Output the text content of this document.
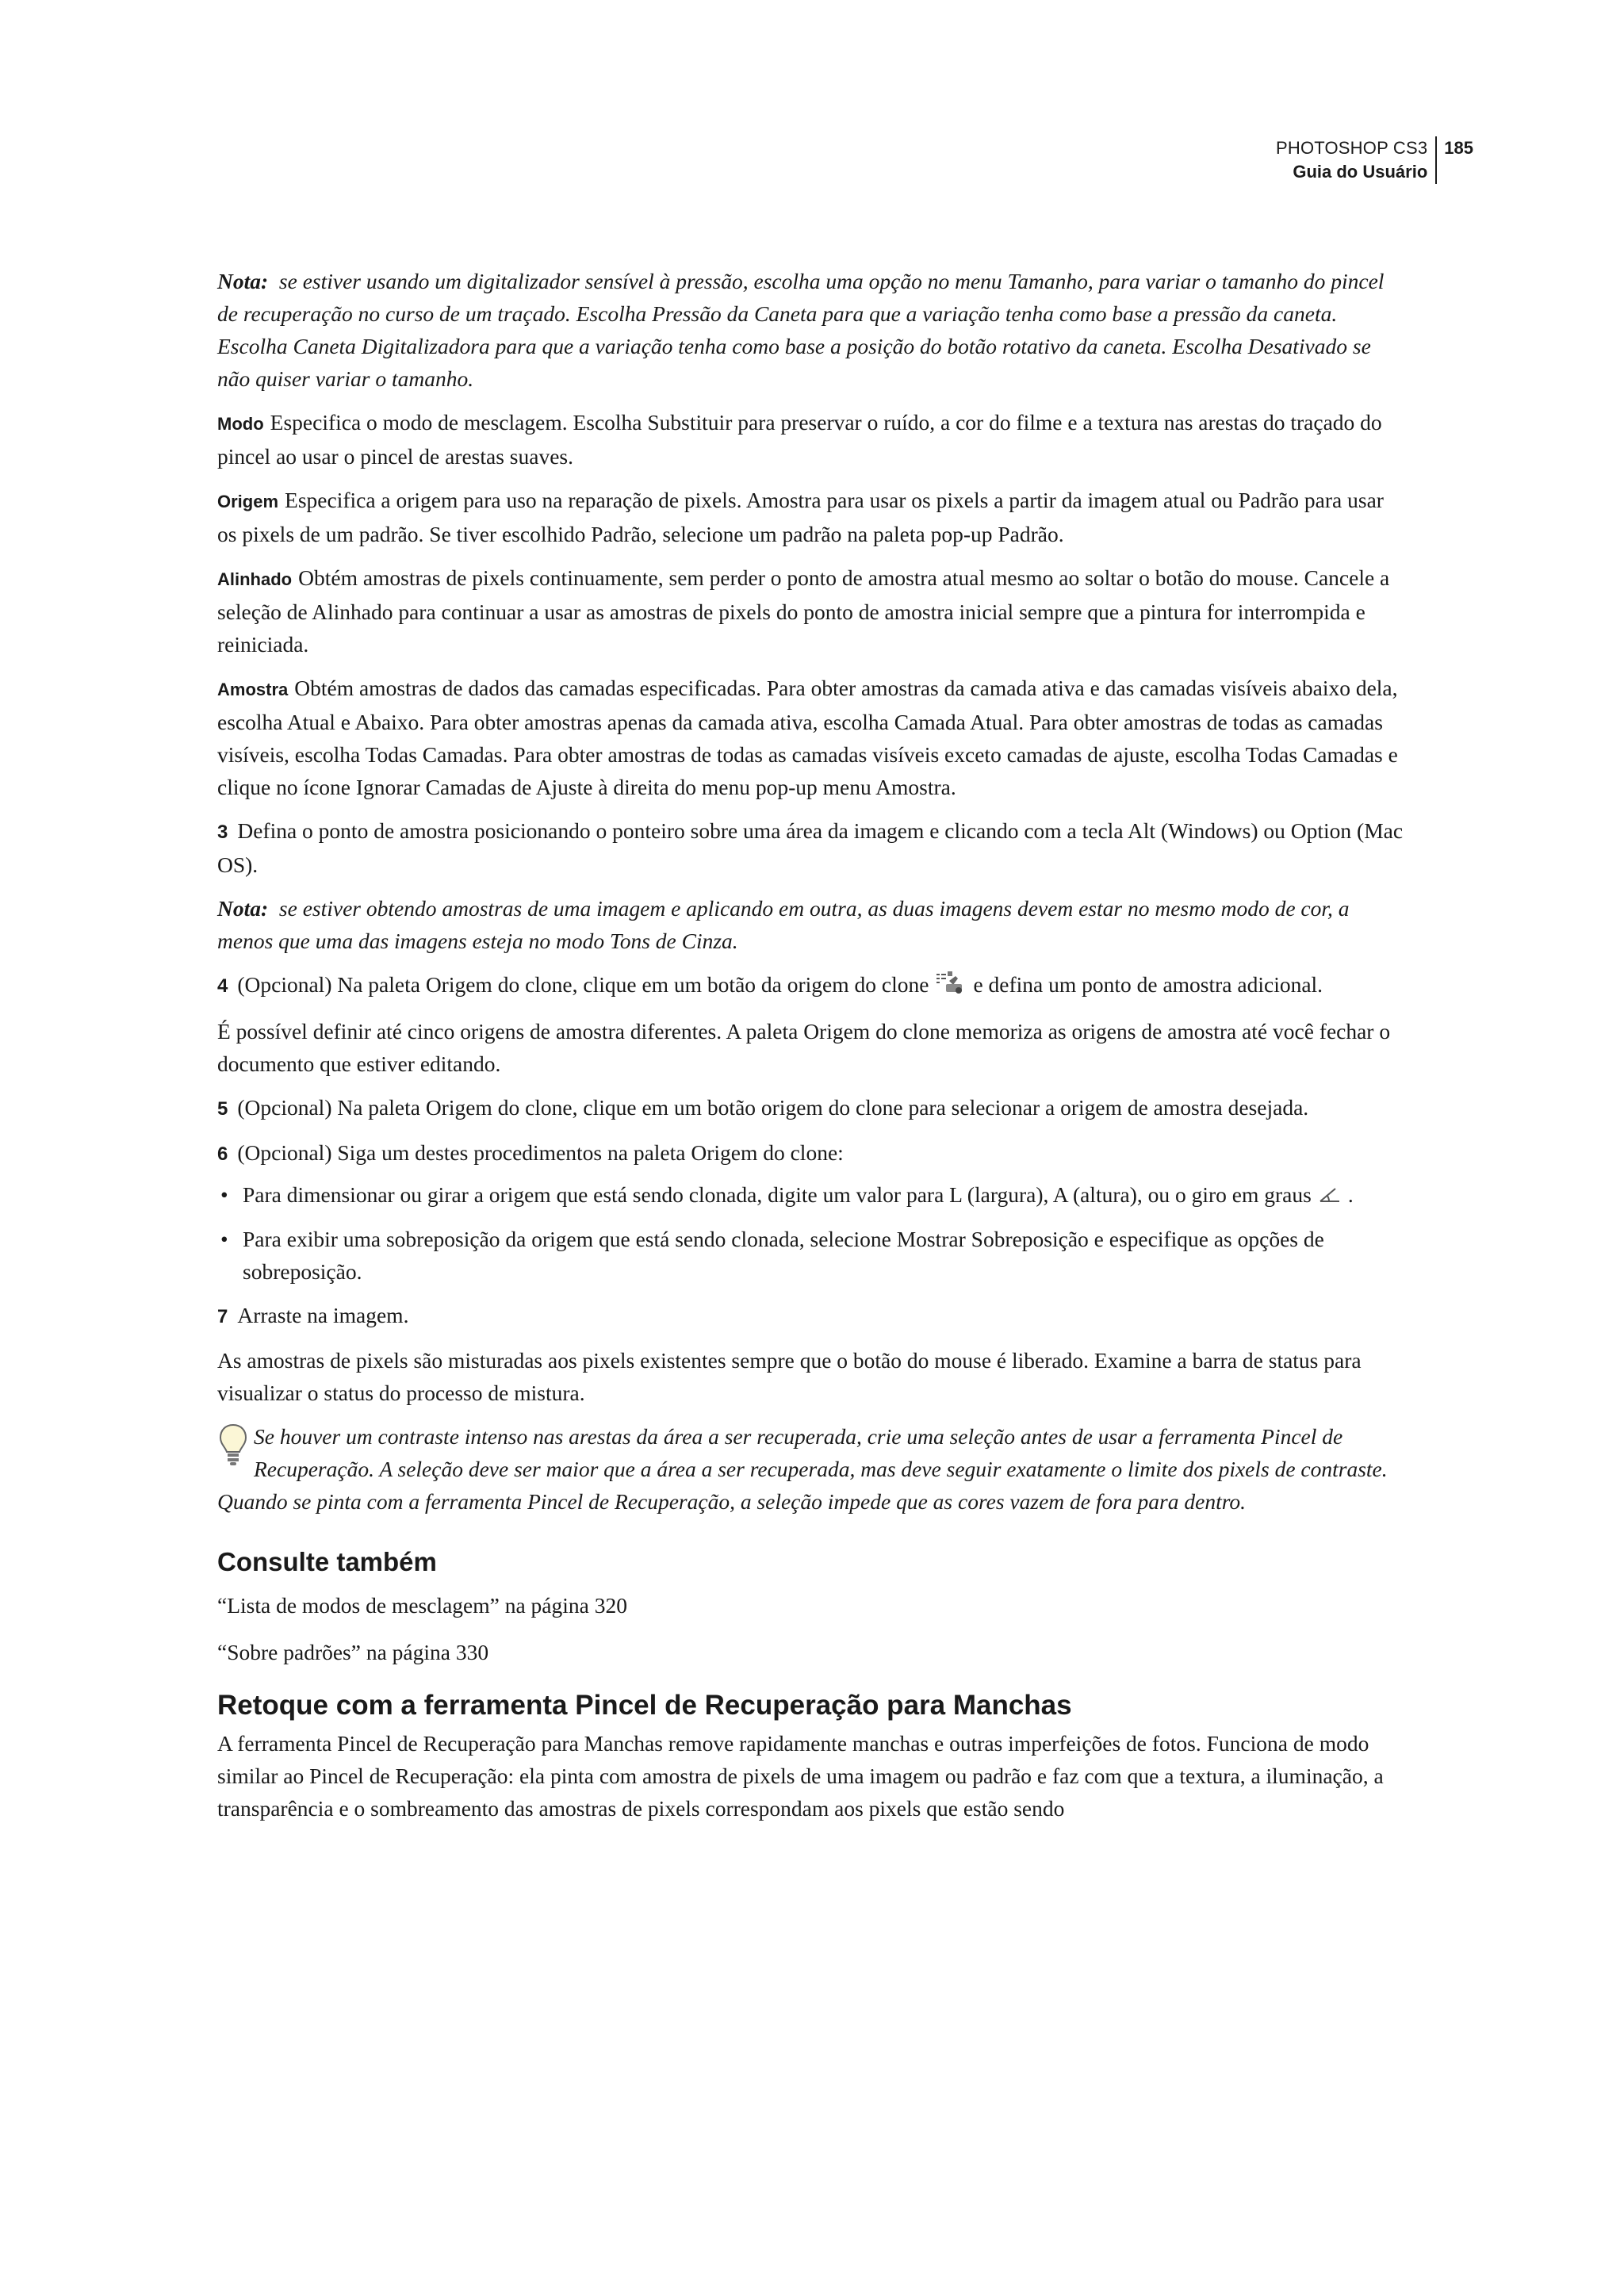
PHOTOSHOP CS3
Guia do Usuário
185

Nota: se estiver usando um digitalizador sensível à pressão, escolha uma opção no menu Tamanho, para variar o tamanho do pincel de recuperação no curso de um traçado. Escolha Pressão da Caneta para que a variação tenha como base a pressão da caneta. Escolha Caneta Digitalizadora para que a variação tenha como base a posição do botão rotativo da caneta. Escolha Desativado se não quiser variar o tamanho.

Modo Especifica o modo de mesclagem. Escolha Substituir para preservar o ruído, a cor do filme e a textura nas arestas do traçado do pincel ao usar o pincel de arestas suaves.

Origem Especifica a origem para uso na reparação de pixels. Amostra para usar os pixels a partir da imagem atual ou Padrão para usar os pixels de um padrão. Se tiver escolhido Padrão, selecione um padrão na paleta pop-up Padrão.

Alinhado Obtém amostras de pixels continuamente, sem perder o ponto de amostra atual mesmo ao soltar o botão do mouse. Cancele a seleção de Alinhado para continuar a usar as amostras de pixels do ponto de amostra inicial sempre que a pintura for interrompida e reiniciada.

Amostra Obtém amostras de dados das camadas especificadas. Para obter amostras da camada ativa e das camadas visíveis abaixo dela, escolha Atual e Abaixo. Para obter amostras apenas da camada ativa, escolha Camada Atual. Para obter amostras de todas as camadas visíveis, escolha Todas Camadas. Para obter amostras de todas as camadas visíveis exceto camadas de ajuste, escolha Todas Camadas e clique no ícone Ignorar Camadas de Ajuste à direita do menu pop-up menu Amostra.

3 Defina o ponto de amostra posicionando o ponteiro sobre uma área da imagem e clicando com a tecla Alt (Windows) ou Option (Mac OS).

Nota: se estiver obtendo amostras de uma imagem e aplicando em outra, as duas imagens devem estar no mesmo modo de cor, a menos que uma das imagens esteja no modo Tons de Cinza.

4 (Opcional) Na paleta Origem do clone, clique em um botão da origem do clone e defina um ponto de amostra adicional.

É possível definir até cinco origens de amostra diferentes. A paleta Origem do clone memoriza as origens de amostra até você fechar o documento que estiver editando.

5 (Opcional) Na paleta Origem do clone, clique em um botão origem do clone para selecionar a origem de amostra desejada.

6 (Opcional) Siga um destes procedimentos na paleta Origem do clone:

• Para dimensionar ou girar a origem que está sendo clonada, digite um valor para L (largura), A (altura), ou o giro em graus .
• Para exibir uma sobreposição da origem que está sendo clonada, selecione Mostrar Sobreposição e especifique as opções de sobreposição.

7 Arraste na imagem.

As amostras de pixels são misturadas aos pixels existentes sempre que o botão do mouse é liberado. Examine a barra de status para visualizar o status do processo de mistura.

Se houver um contraste intenso nas arestas da área a ser recuperada, crie uma seleção antes de usar a ferramenta Pincel de Recuperação. A seleção deve ser maior que a área a ser recuperada, mas deve seguir exatamente o limite dos pixels de contraste. Quando se pinta com a ferramenta Pincel de Recuperação, a seleção impede que as cores vazem de fora para dentro.

Consulte também

“Lista de modos de mesclagem” na página 320

“Sobre padrões” na página 330

Retoque com a ferramenta Pincel de Recuperação para Manchas

A ferramenta Pincel de Recuperação para Manchas remove rapidamente manchas e outras imperfeições de fotos. Funciona de modo similar ao Pincel de Recuperação: ela pinta com amostra de pixels de uma imagem ou padrão e faz com que a textura, a iluminação, a transparência e o sombreamento das amostras de pixels correspondam aos pixels que estão sendo
